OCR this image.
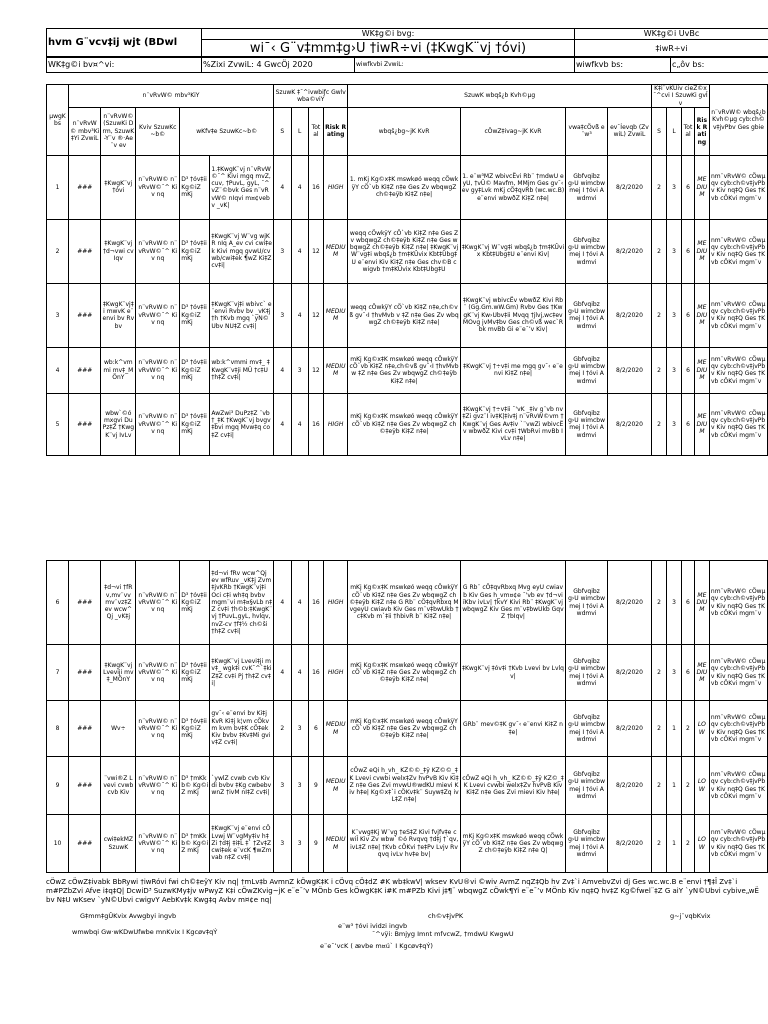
hvm G¨vcv‡ij wjt (BDwl	WK‡g©i bvg:	WK‡g©i UvBc
	wi¯‹ G¨v‡mm‡g›U †iwR÷vi (‡KwgK¨vj †óvi)	‡iwR÷vi
WK‡g©i bv¤^vi:	%Zixi ZvwiL: 4 GwcÖj 2020	wiwfkvbi ZvwiL:	wiwfkvb bs:	c„ôv bs:
µwgK bs	n¨vRvW© mbv³KiY					SzuwK ‡¯^ivwbiƒc Gwlv wba©viY				SzuwK wbqš¿b Kvh©µg				K‡i¨vKUiv cieZ©x ¯^cvi I SzuwKi gvÎv				n¨vRvW© wbqš¿b Kvh©µg cyb:ch©v‡jvPbv Ges gbie
	n¨vRvW© mbv³Ki‡Yi ZvwiL	n¨vRvW© (SzuwKi Drm, SzuwK-Y¨v ®·Ae¨v ev	Kviv SzuwKc~b©	wKfv‡e SzuwKc~b©		S	L	Total	Risk Rating	wbqš¿bg~jK KvR	cÖwZ‡ivag~jK KvR	vwa‡cÖvß e¨w³	ev¯Íevqb (ZvwiL) ZvwiL	S	L	Total	Risk Rating	
1	###	‡KwgK¨vj †óvi	n¨vRvW© n¨vRvW©¯^ Kiv nq	D³ †óv‡ii Kg©iZ mKj	1.‡KwgK¨vj n¨vRvW©¯^ Kivi mgq mvZ, cuv, †PuvL, gyL, ¯^vZ¨©bvk Ges n¨vRvW© nIqvi m¤¢vebv _vK|	4	4	16	HIGH	1. mKj Kg©x‡K mswkøó weqq cÖwkÿY cÖ`vb Ki‡Z n‡e Ges Zv wbqwgZ ch©‡eÿb Ki‡Z n‡e|	1. e¨w³MZ wbivcËvi Rb¨ †mdwU eyU, †vÛ© Mavfm, MMjm Ges gv¯‹ ev gy‡Lvk mKj cÖ‡qvRb (wc.wc.B) e¨envi wbwðZ Ki‡Z n‡e|	Gbfvqibz g›U wimcbw mej I †óvi Awdmvi	8/2/2020	2	3	6	MEDIUM	nm¨vRvW© cÖwµqv cyb:ch©v‡jvPbv Kiv nq‡Q Ges †Kvb cÖKvi mgm¨v
2	###	‡KwgK¨vj †d¬vwi cvIqv	n¨vRvW© n¨vRvW©¯^ Kiv nq	D³ †óv‡ii Kg©iZ mKj	‡KwgK¨vj W¨vg wjKR nIq A_ev cvi cwi‡ek Kivi mgq gvwU/cvwb/cwi‡ek ¶wZ Ki‡Z cv‡i|	3	4	12	MEDIUM	weqq cÖwkÿY cÖ`vb Ki‡Z n‡e Ges Zv wbqwgZ ch©‡eÿb Ki‡Z n‡e Ges wbqwgZ ch©‡eÿb Ki‡Z n‡e| ‡KwgK¨vj W¨vg‡i wbqš¿b †m‡KÛvix Kbt‡Ubg‡U e¨envi Kiv Ki‡Z n‡e Ges chv©B cwigvb †m‡KÛvix Kbt‡Ubg‡U	‡KwgK¨vj W¨vg‡i wbqš¿b †m‡KÛvix Kbt‡Ubg‡U e¨envi Kiv|	Gbfvqibz g›U wimcbw mej I †óvi Awdmvi	8/2/2020	2	3	6	MEDIUM	nm¨vRvW© cÖwµqv cyb:ch©v‡jvPbv Kiv nq‡Q Ges †Kvb cÖKvi mgm¨v
3	###	‡KwgK¨vj‡i mwvK e¨envi bv Rvbv	n¨vRvW© n¨vRvW©¯^ Kiv nq	D³ †óv‡ii Kg©iZ mKj	‡KwgK¨vj‡i wbivc` e¨envi Rvbv bv _vK‡j †h †Kvb mgq `yN©Ubv NU‡Z cv‡i|	3	4	12	MEDIUM	weqq cÖwkÿY cÖ`vb Ki‡Z n‡e,ch©vß gv¯‹I †hvMvb v ‡Z n‡e Ges Zv wbqwgZ ch©‡eÿb Ki‡Z n‡e|	‡KwgK¨vj wbivcËv wbwðZ Kivi Rb¨ (Gg.Gm.wW.Gm) Rvbv Ges †KwgK¨vj Kw›Ubv‡ii Mvqq †jlvj,wc‡evMOvg jvMv‡bv Ges ch©vß wec`Rbk mvBb Gi e¨e¯’v Kiv|	Gbfvqibz g›U wimcbw mej I †óvi Awdmvi	8/2/2020	2	3	6	MEDIUM	nm¨vRvW© cÖwµqv cyb:ch©v‡jvPbv Kiv nq‡Q Ges †Kvb cÖKvi mgm¨v
4	###	wb:k^vmmi mv‡_MÖnY	n¨vRvW© n¨vRvW©¯^ Kiv nq	D³ †óv‡ii Kg©iZ mKj	wb:k^vmmi mv‡_ ‡KwgK¨v‡ji MÜ †c‡U †h‡Z cv‡i|	4	3	12	MEDIUM	mKj Kg©x‡K mswkøó weqq cÖwkÿY cÖ`vb Ki‡Z n‡e,ch©vß gv¯‹I †hvMvb w ‡Z n‡e Ges Zv wbqwgZ ch©‡eÿb Ki‡Z n‡e|	‡KwgK¨vj †÷v‡i me mgq gv¯‹ e¨envi Ki‡Z n‡e|	Gbfvqibz g›U wimcbw mej I †óvi Awdmvi	8/2/2020	2	3	6	MEDIUM	nm¨vRvW© cÖwµqv cyb:ch©v‡jvPbv Kiv nq‡Q Ges †Kvb cÖKvi mgm¨v
5	###	wbw`©ó mxgvi DuPz‡Z †KwgK¨vj IvLv	n¨vRvW© n¨vRvW©¯^ Kiv nq	D³ †óv‡ii Kg©iZ mKj	AwZwi³ DuPz‡Z ¨vb †_‡K †KwgK¨vj bvgv‡bvi mgq Mvw‡q co‡Z cv‡i|	4	4	16	HIGH	mKj Kg©x‡K mswkøó weqq cÖwkÿY cÖ`vb Ki‡Z n‡e Ges Zv wbqwgZ ch©‡eÿb Ki‡Z n‡e|	‡KwgK¨vj †÷v‡ii ¯'vK _‡iv g¨vb nv‡Zi gvz¨I iv‡K|‡iv‡j n¨vRvW©vm †KwgK¨vj Ges Av‡iv `¨vwZi wbivcËv wbwðZ Kivi cv‡i †WbRvi mvBb IvLv n‡e|	Gbfvqibz g›U wimcbw mej I †óvi Awdmvi	8/2/2020	2	3	6	MEDIUM	nm¨vRvW© cÖwµqv cyb:ch©v‡jvPbv Kiv nq‡Q Ges †Kvb cÖKvi mgm¨v
6	###	‡d¬vi †fRv,mv¨vv mv¨vz‡Z ev wcw^Qj _vK‡j	n¨vRvW© n¨vRvW©¯^ Kiv nq	D³ †óv‡ii Kg©iZ mKj	‡d¬vi fRv wcw^Qj ev wfRuv _vK‡j Zvm‡jvKRb †KwgK¨vj‡i Oci c‡i wh‡q bvbv mgm¨vi m‡¤§vLb n‡Z cv‡i †h©b:‡KwgK¨vj †PuvL,gyL, hvlqv,nvZ-cv †f‡½ ch©ši †h‡Z cv‡i|	4	4	16	HIGH	mKj Kg©x‡K mswkøó weqq cÖwkÿY cÖ`vb Ki‡Z n‡e Ges Zv wbqwgZ ch©‡eÿb Ki‡Z n‡e G Rb¨ cÖ‡qvRbxq MvgeyU cwiavb Kiv Ges m¨v‡bwUkb †c‡Kvb m`‡ii †hbivR b¨ Ki‡Z n‡e|	G Rb¨ cÖ‡qvRbxq Mvg eyU cwiavb Kiv Ges h_vm¤¢e ¯'vb ev †d¬vi ïKbv ivLv| †kvY Kivi Rb¨ ‡KwgK¨vj wbqwgZ Kiv Ges m¨v‡bwUkb GqvZ †bIqv|	Gbfvqibz g›U wimcbw mej I †óvi Awdmvi	8/2/2020	2	3	6	MEDIUM	nm¨vRvW© cÖwµqv cyb:ch©v‡jvPbv Kiv nq‡Q Ges †Kvb cÖKvi mgm¨v
7	###	‡KwgK¨vj Lveviji mv‡_MÖnY	n¨vRvW© n¨vRvW©¯^ Kiv nq	D³ †óv‡ii Kg©iZ mKj	‡KwgK¨vj Lvevi‡ji mv‡_ wgk‡i cvK¯^`‡ki Z‡Z cv‡i Pj †h‡Z cv‡i|	4	4	16	HIGH	mKj Kg©x‡K mswkøó weqq cÖwkÿY cÖ`vb Ki‡Z n‡e Ges Zv wbqwgZ ch©‡eÿb Ki‡Z n‡e|	‡KwgK¨vj ‡óv‡i †Kvb Lvevi bv Lvlqv|	Gbfvqibz g›U wimcbw mej I †óvi Awdmvi	8/2/2020	2	3	6	MEDIUM	nm¨vRvW© cÖwµqv cyb:ch©v‡jvPbv Kiv nq‡Q Ges †Kvb cÖKvi mgm¨v
8	###	Wv÷	n¨vRvW© n¨vRvW©¯^ Kiv nq	D³ †óv‡ii Kg©iZ mKj	gv¯‹ e¨envi bv Ki‡j KvR Ki‡j k¦vm cÖkvm kvm bv‡K cÖ‡ek Kiv bvbv ‡Kv‡Mi gviv‡Z cv‡i|	2	3	6	MEDIUM	mKj Kg©x‡K mswkøó weqq cÖwkÿY cÖ`vb Ki‡Z n‡e Ges Zv wbqwgZ ch©‡eÿb Ki‡Z n‡e|	GRb¨ mev©‡K gv¯‹ e¨envi Ki‡Z n‡e|	Gbfvqibz g›U wimcbw mej I †óvi Awdmvi	8/2/2020	2	1	2	LOW	nm¨vRvW© cÖwµqv cyb:ch©v‡jvPbv Kiv nq‡Q Ges †Kvb cÖKvi mgm¨v
9	###	¨vwi®Z Lvevi cvwb cvb Kiv	n¨vRvW© n¨vRvW©¯^ Kiv nq	D³ †mKkb© Kg©iZ mKj	`ywlZ cvwb cvb Kiv di bvbv ‡Kg cwbebvwnZ †ivM nI‡Z cv‡i|	3	3	9	MEDIUM	cÖwZ eQi h_vh_ KZ©©_‡ÿ KZ©©_‡K Lvevi cvwbi welx‡Zv hvPvB Kiv Ki‡Z n‡e Ges Zvi mvwU®wdKU mievi Kiv h‡e| Kg©x‡`i cÖKv‡k¨ Suyw‡Zq ivL‡Z n‡e|	cÖwZ eQi h_vh_ KZ©©_‡ÿ KZ©_‡K Lvevi cvwbi welx‡Zv hvPvB Kiv Ki‡Z n‡e Ges Zvi mievi Kiv h‡e|	Gbfvqibz g›U wimcbw mej I †óvi Awdmvi	8/2/2020	2	1	2	LOW	nm¨vRvW© cÖwµqv cyb:ch©v‡jvPbv Kiv nq‡Q Ges †Kvb cÖKvi mgm¨v
10	###	cwi‡ekMZ SzuwK	n¨vRvW© n¨vRvW©¯^ Kiv nq	D³ †mKkb© Kg©iZ mKj	‡KwgK¨vj e¨envi cÖ Lvwj W¨vgMy‡iv h‡Zi †d‡j ‡i‡L ‡` †Zv‡Z cwi‡ek e¨vcK ¶wZmvab n‡Z cv‡i|	3	3	9	MEDIUM	K¨vwg‡Kj W¨vg †eS‡Z Kivi fvjfv‡e cwiÎ Kiv Zv wbw`©ó Rvqvq †d‡j †`qv, ivL‡Z n‡e| †Kvb cÖKvi †e‡Pv Lvjv Rvqvq ivLv hv‡e bv|	mKj Kg©x‡K mswkøó weqq cÖwkÿY cÖ`vb Ki‡Z n‡e Ges Zv wbqwgZ ch©‡eÿb Ki‡Z n‡e Q|	Gbfvqibz g›U wimcbw mej I †óvi Awdmvi	8/2/2020	2	1	2	LOW	nm¨vRvW© cÖwµqv cyb:ch©v‡jvPbv Kiv nq‡Q Ges †Kvb cÖKvi mgm¨v
cÖwZ cÖwZ‡ivabk BbRywi †iwRóvi fwi ch©‡eÿY Kiv nq| †mLv‡b AvmnZ kÖwgK‡K i cÖvq cÖ‡dZ #K wb‡kwV| wksev KvU®vi ©wiv AvmZ nqZ‡Qb hv Zv‡`i AmvebvZvi dj Ges wc.wc.B e¨envi †¶‡Î Zv‡`i m#PZbZvi Afve i‡q‡Q| DcwiD³ SuzwKMy‡jv wPwyZ K‡i cÖwZKvig~jK e¨e¯’v MÖnb Ges kÖwgK‡K i#K m#PZb Kivi j‡¶¨ wbqwgZ cÖwk¶Yi e¨e¯’v MÖnb Kiv nq‡Q hv‡Z Kg©fwel¨‡Z G aiY `yN©Ubvi cybive„wË bv N‡U wKsev `yN©Ubvi cwigvY AebKv‡k Kwg‡q Avbv m¤¢e nq|
G‡mm‡gÛKvix Avwgbyi ingvb
wmwbqi Gw·wKDwUfwbe mnKvix I Kgcøv‡qÝ
ch©v‡jvPK
e¨w³ †óvi ividzi ingvb
¯^vÿi: Bmjyg Imnt mfvcwZ, †mdwU KwgwU
e¨e¯’vcK ( ævbe m¤ú` I Kgcøv‡qÝ)
g~j¨vqbKvix
